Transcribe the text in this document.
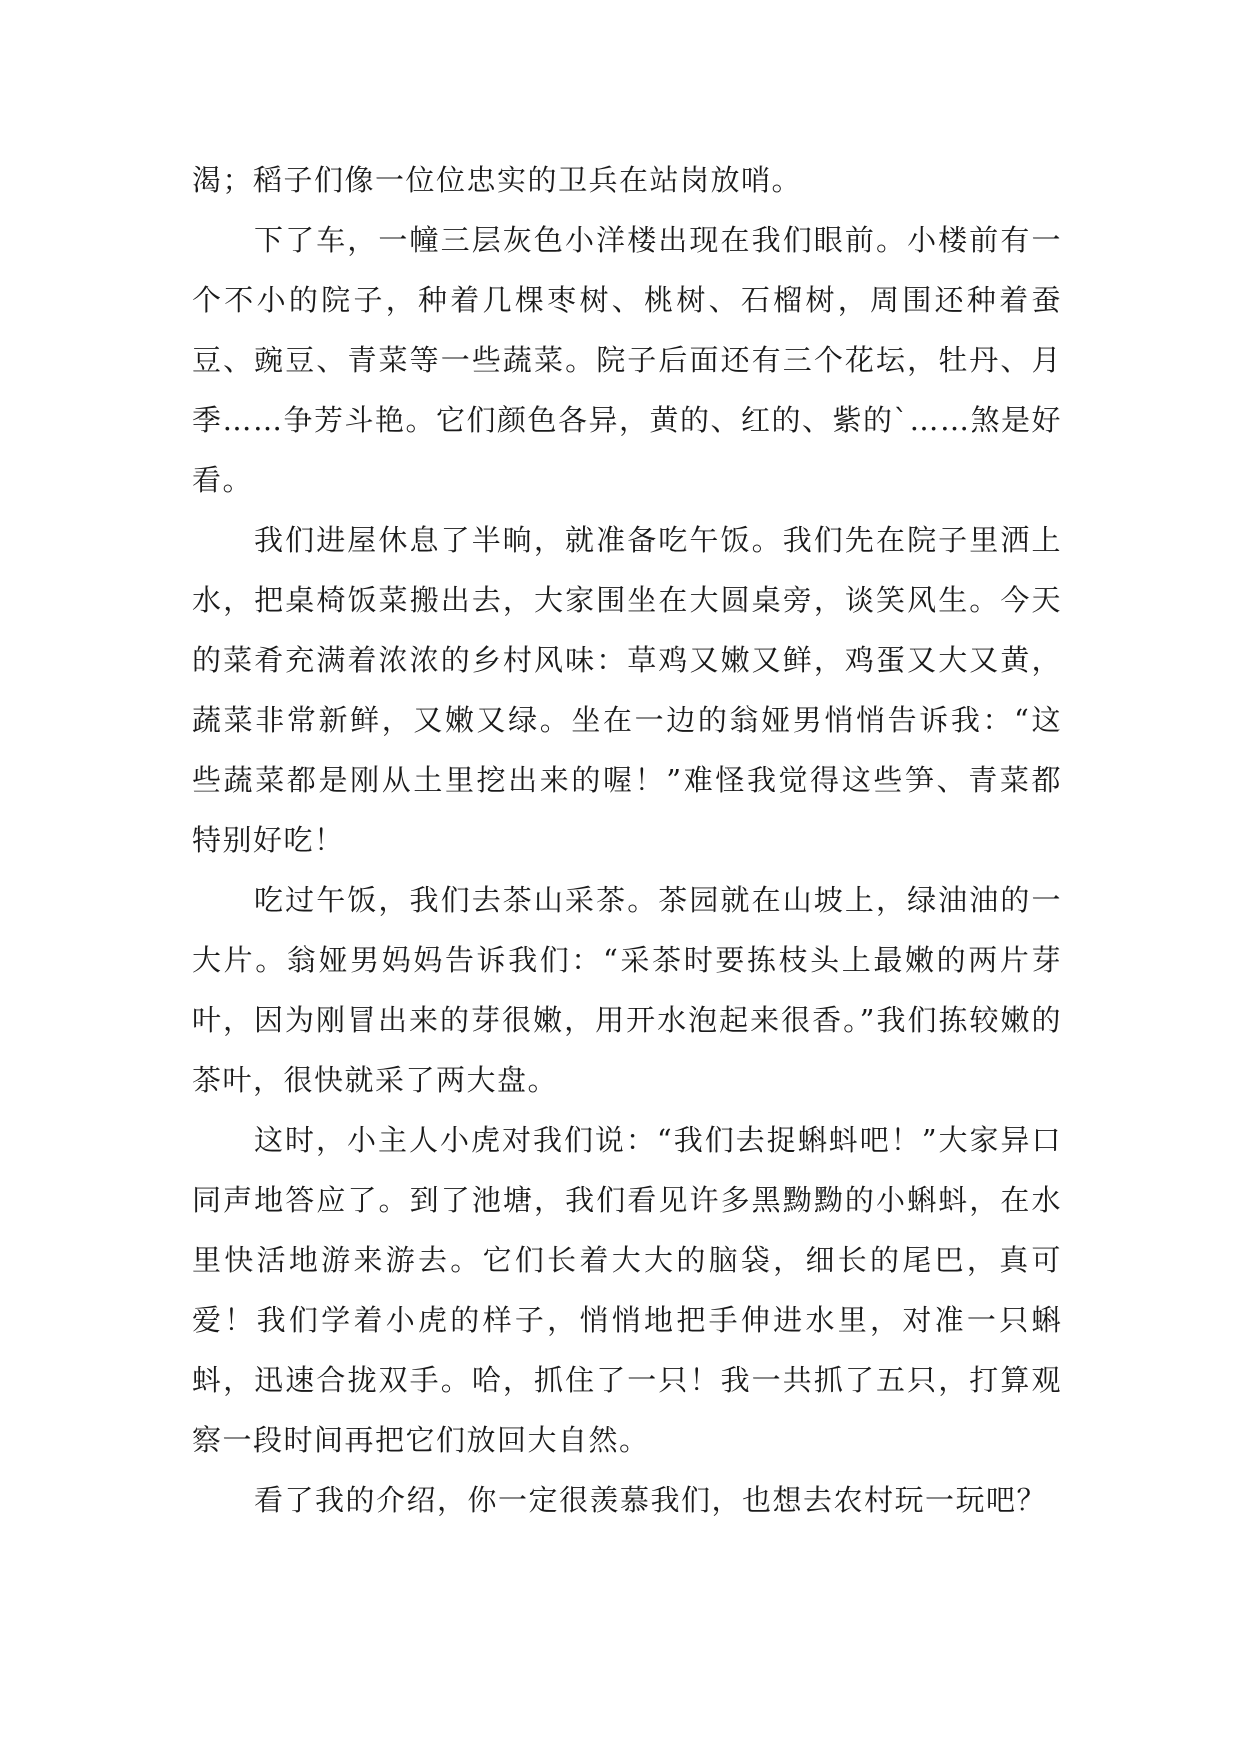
渴；稻子们像一位位忠实的卫兵在站岗放哨。

下了车，一幢三层灰色小洋楼出现在我们眼前。小楼前有一个不小的院子，种着几棵枣树、桃树、石榴树，周围还种着蚕豆、豌豆、青菜等一些蔬菜。院子后面还有三个花坛，牡丹、月季……争芳斗艳。它们颜色各异，黄的、红的、紫的`……煞是好看。

我们进屋休息了半晌，就准备吃午饭。我们先在院子里洒上水，把桌椅饭菜搬出去，大家围坐在大圆桌旁，谈笑风生。今天的菜肴充满着浓浓的乡村风味：草鸡又嫩又鲜，鸡蛋又大又黄，蔬菜非常新鲜，又嫩又绿。坐在一边的翁娅男悄悄告诉我：“这些蔬菜都是刚从土里挖出来的喔！”难怪我觉得这些笋、青菜都特别好吃！

吃过午饭，我们去茶山采茶。茶园就在山坡上，绿油油的一大片。翁娅男妈妈告诉我们：“采茶时要拣枝头上最嫩的两片芽叶，因为刚冒出来的芽很嫩，用开水泡起来很香。”我们拣较嫩的茶叶，很快就采了两大盘。

这时，小主人小虎对我们说：“我们去捉蝌蚪吧！”大家异口同声地答应了。到了池塘，我们看见许多黑黝黝的小蝌蚪，在水里快活地游来游去。它们长着大大的脑袋，细长的尾巴，真可爱！我们学着小虎的样子，悄悄地把手伸进水里，对准一只蝌蚪，迅速合拢双手。哈，抓住了一只！我一共抓了五只，打算观察一段时间再把它们放回大自然。

看了我的介绍，你一定很羡慕我们，也想去农村玩一玩吧？
